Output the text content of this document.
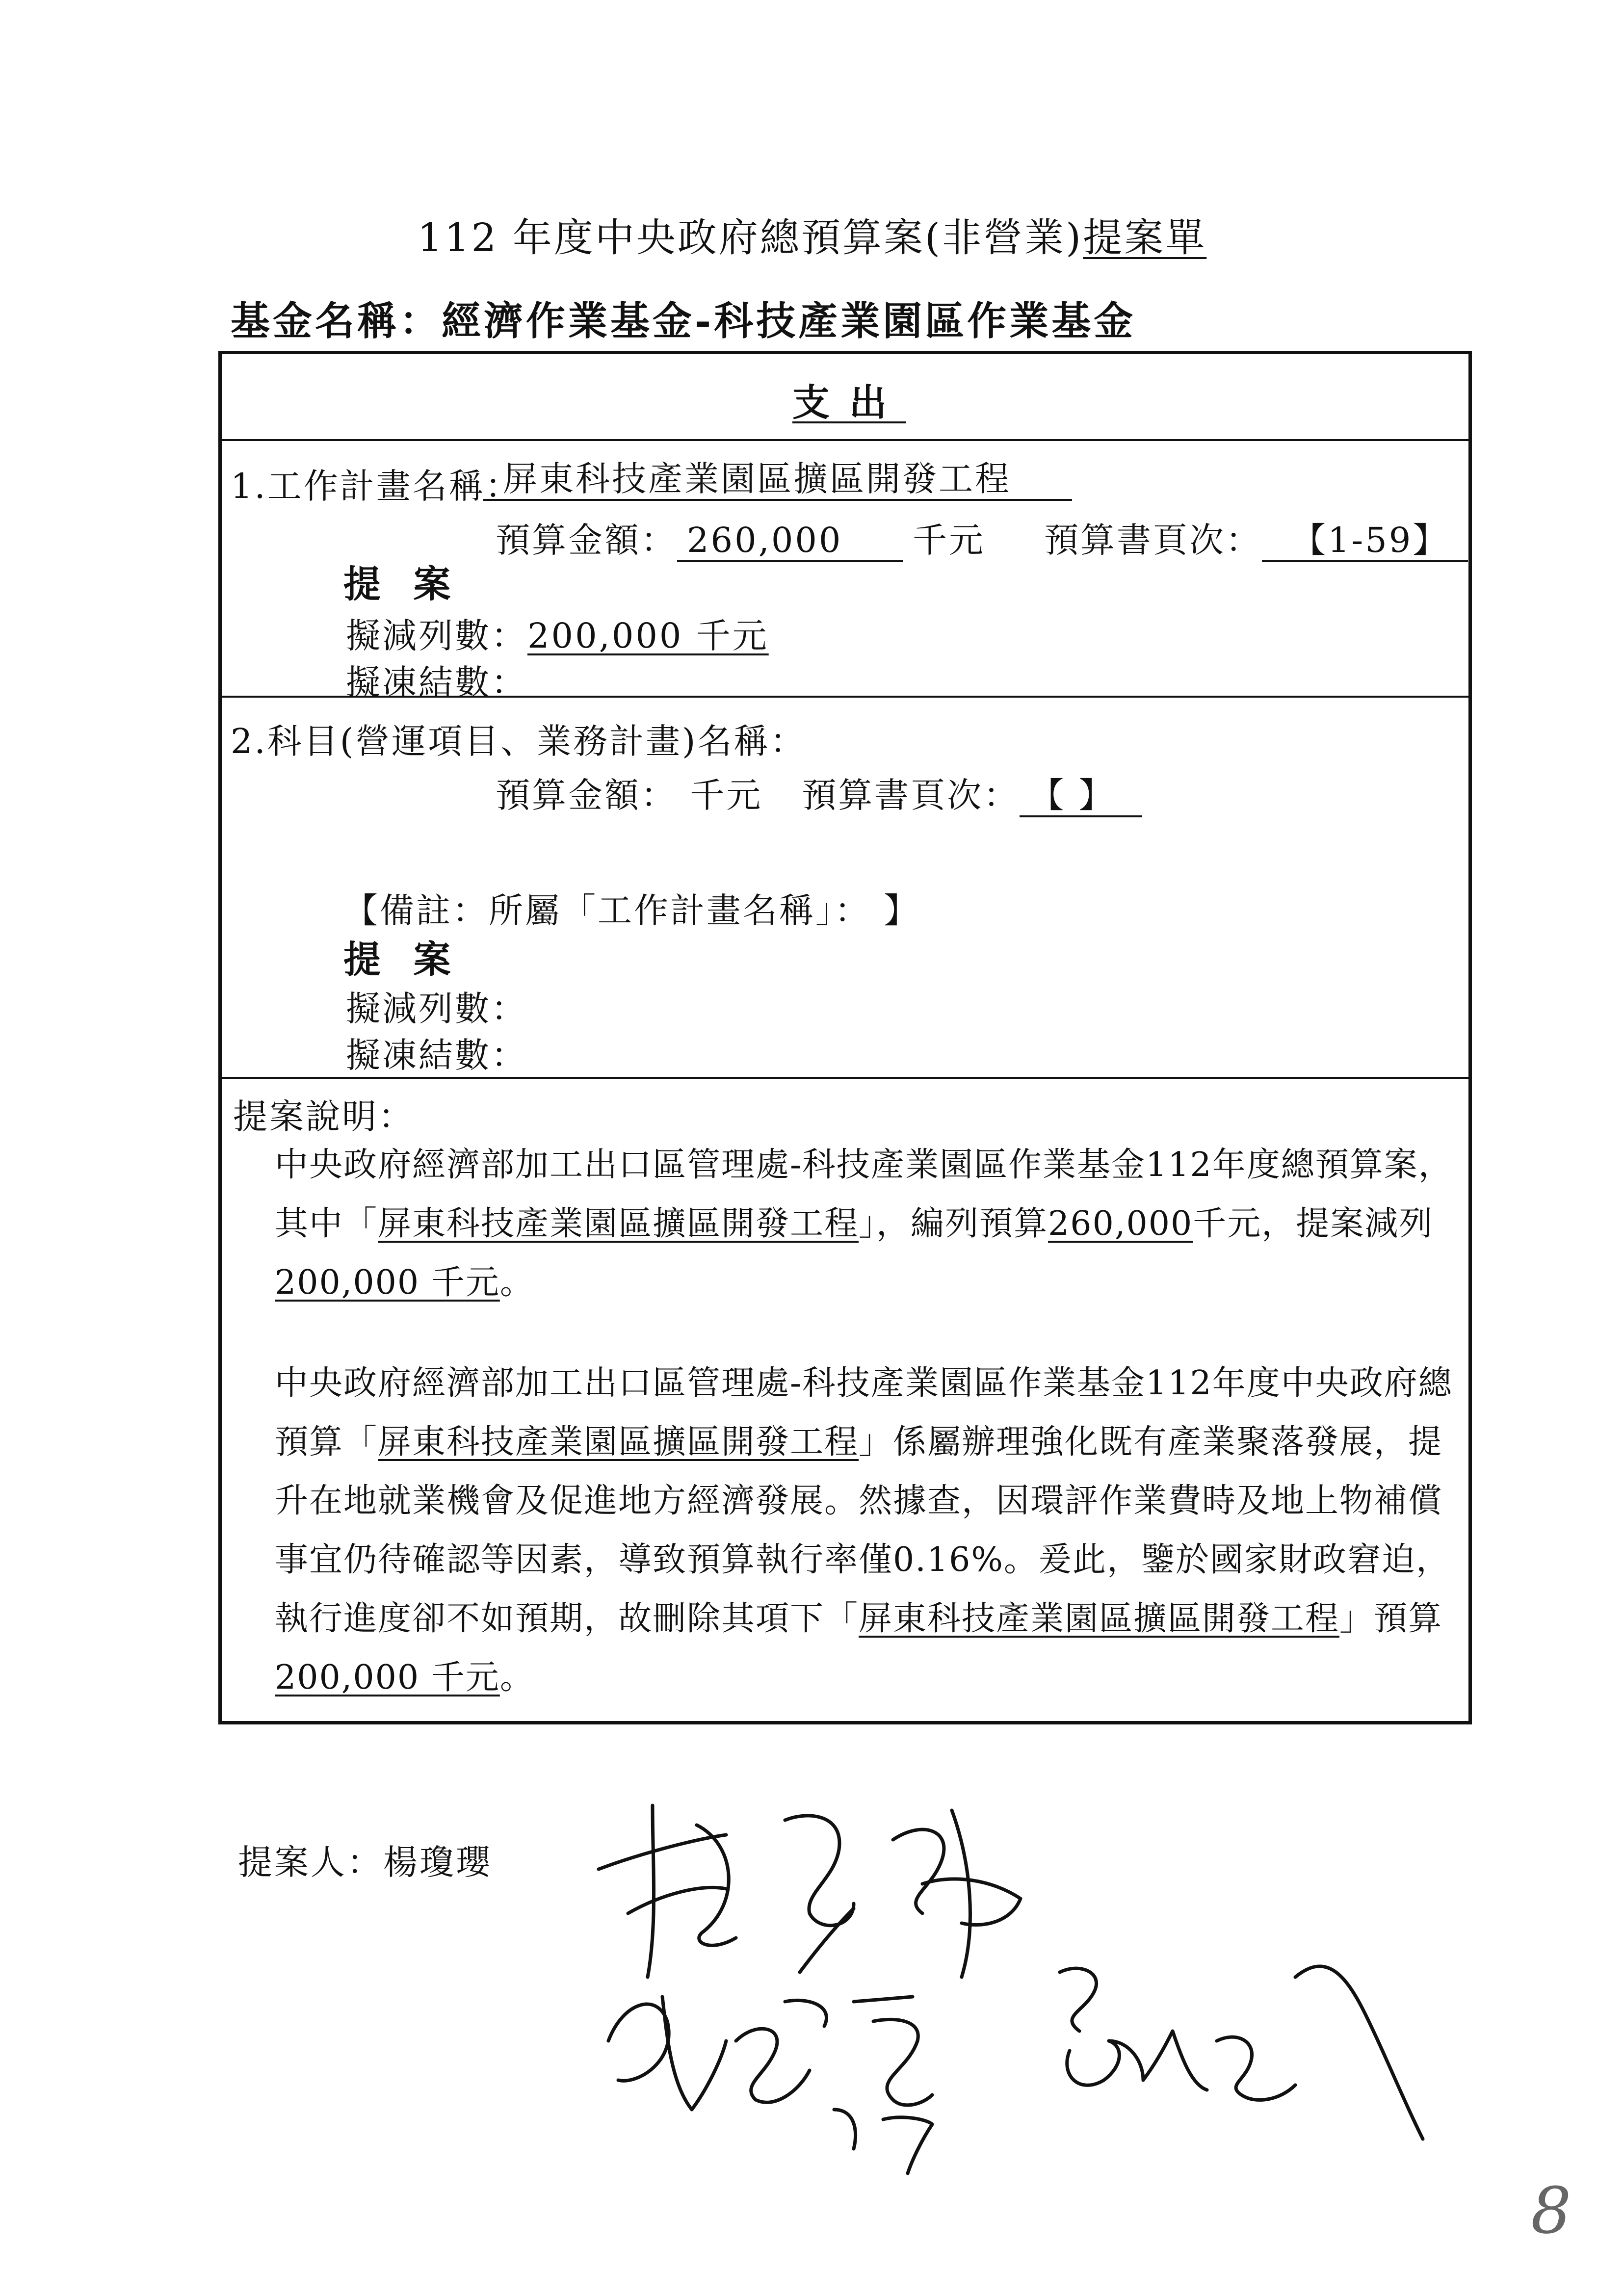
112 年度中央政府總預算案(非營業)提案單
基金名稱：經濟作業基金-科技產業園區作業基金
支出
1.工作計畫名稱：
屏東科技產業園區擴區開發工程
預算金額： 260,000 千元 預算書頁次： 【1-59】
提 案
擬減列數：200,000 千元
擬凍結數：
2.科目(營運項目、業務計畫)名稱：
預算金額： 千元 預算書頁次： 【 】
【備註：所屬「工作計畫名稱」： 】
提 案
擬減列數：
擬凍結數：
提案說明：

中央政府經濟部加工出口區管理處-科技產業園區作業基金112年度總預算案，其中「屏東科技產業園區擴區開發工程」，編列預算260,000千元，提案減列200,000 千元。

中央政府經濟部加工出口區管理處-科技產業園區作業基金112年度中央政府總預算「屏東科技產業園區擴區開發工程」係屬辦理強化既有產業聚落發展，提升在地就業機會及促進地方經濟發展。然據查，因環評作業費時及地上物補償事宜仍待確認等因素，導致預算執行率僅0.16%。爰此，鑒於國家財政窘迫，執行進度卻不如預期，故刪除其項下「屏東科技產業園區擴區開發工程」預算200,000 千元。

提案人：楊瓊瓔
8
